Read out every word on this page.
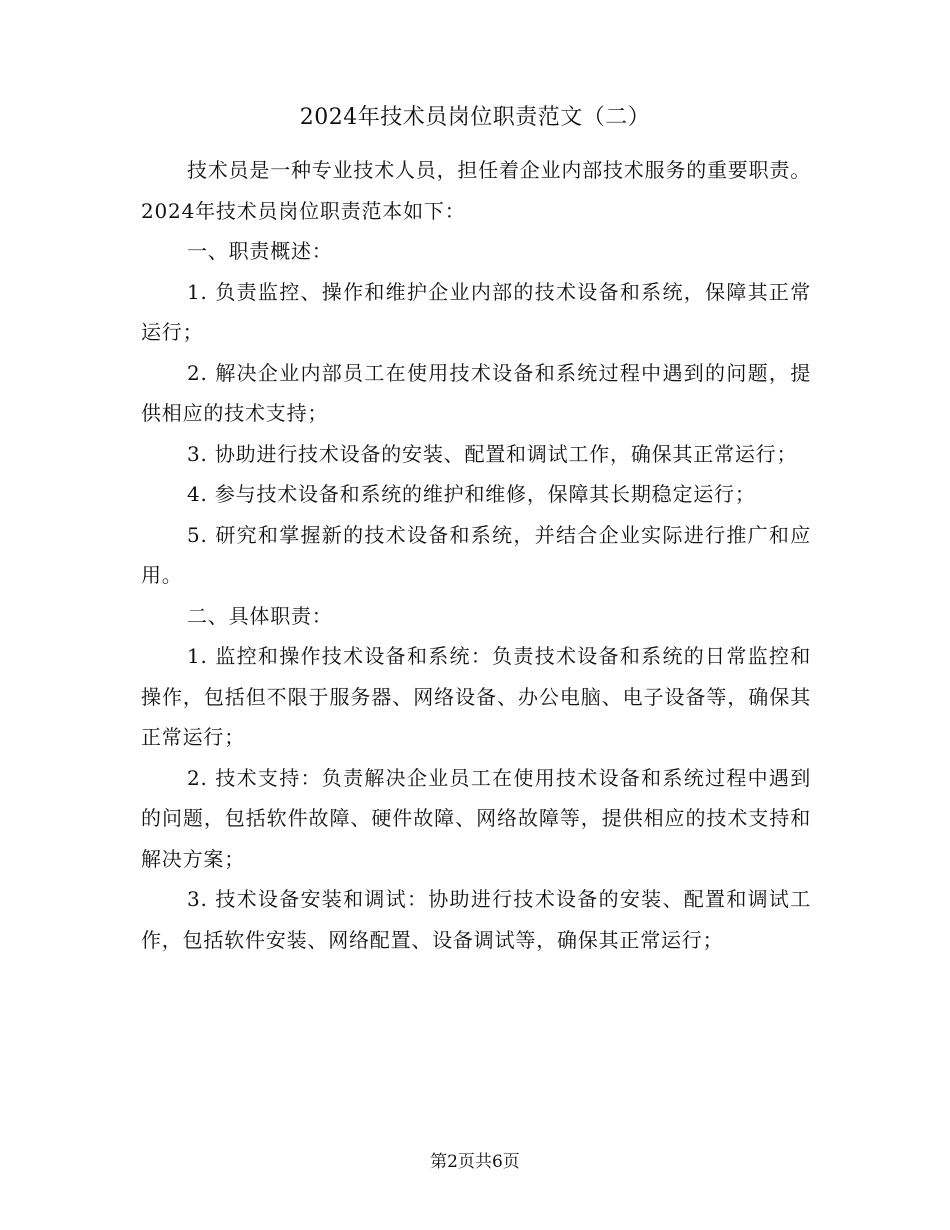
2024年技术员岗位职责范文（二）

技术员是一种专业技术人员，担任着企业内部技术服务的重要职责。2024年技术员岗位职责范本如下：

一、职责概述：

1. 负责监控、操作和维护企业内部的技术设备和系统，保障其正常运行；

2. 解决企业内部员工在使用技术设备和系统过程中遇到的问题，提供相应的技术支持；

3. 协助进行技术设备的安装、配置和调试工作，确保其正常运行；

4. 参与技术设备和系统的维护和维修，保障其长期稳定运行；

5. 研究和掌握新的技术设备和系统，并结合企业实际进行推广和应用。

二、具体职责：

1. 监控和操作技术设备和系统：负责技术设备和系统的日常监控和操作，包括但不限于服务器、网络设备、办公电脑、电子设备等，确保其正常运行；

2. 技术支持：负责解决企业员工在使用技术设备和系统过程中遇到的问题，包括软件故障、硬件故障、网络故障等，提供相应的技术支持和解决方案；

3. 技术设备安装和调试：协助进行技术设备的安装、配置和调试工作，包括软件安装、网络配置、设备调试等，确保其正常运行；

第2页共6页
